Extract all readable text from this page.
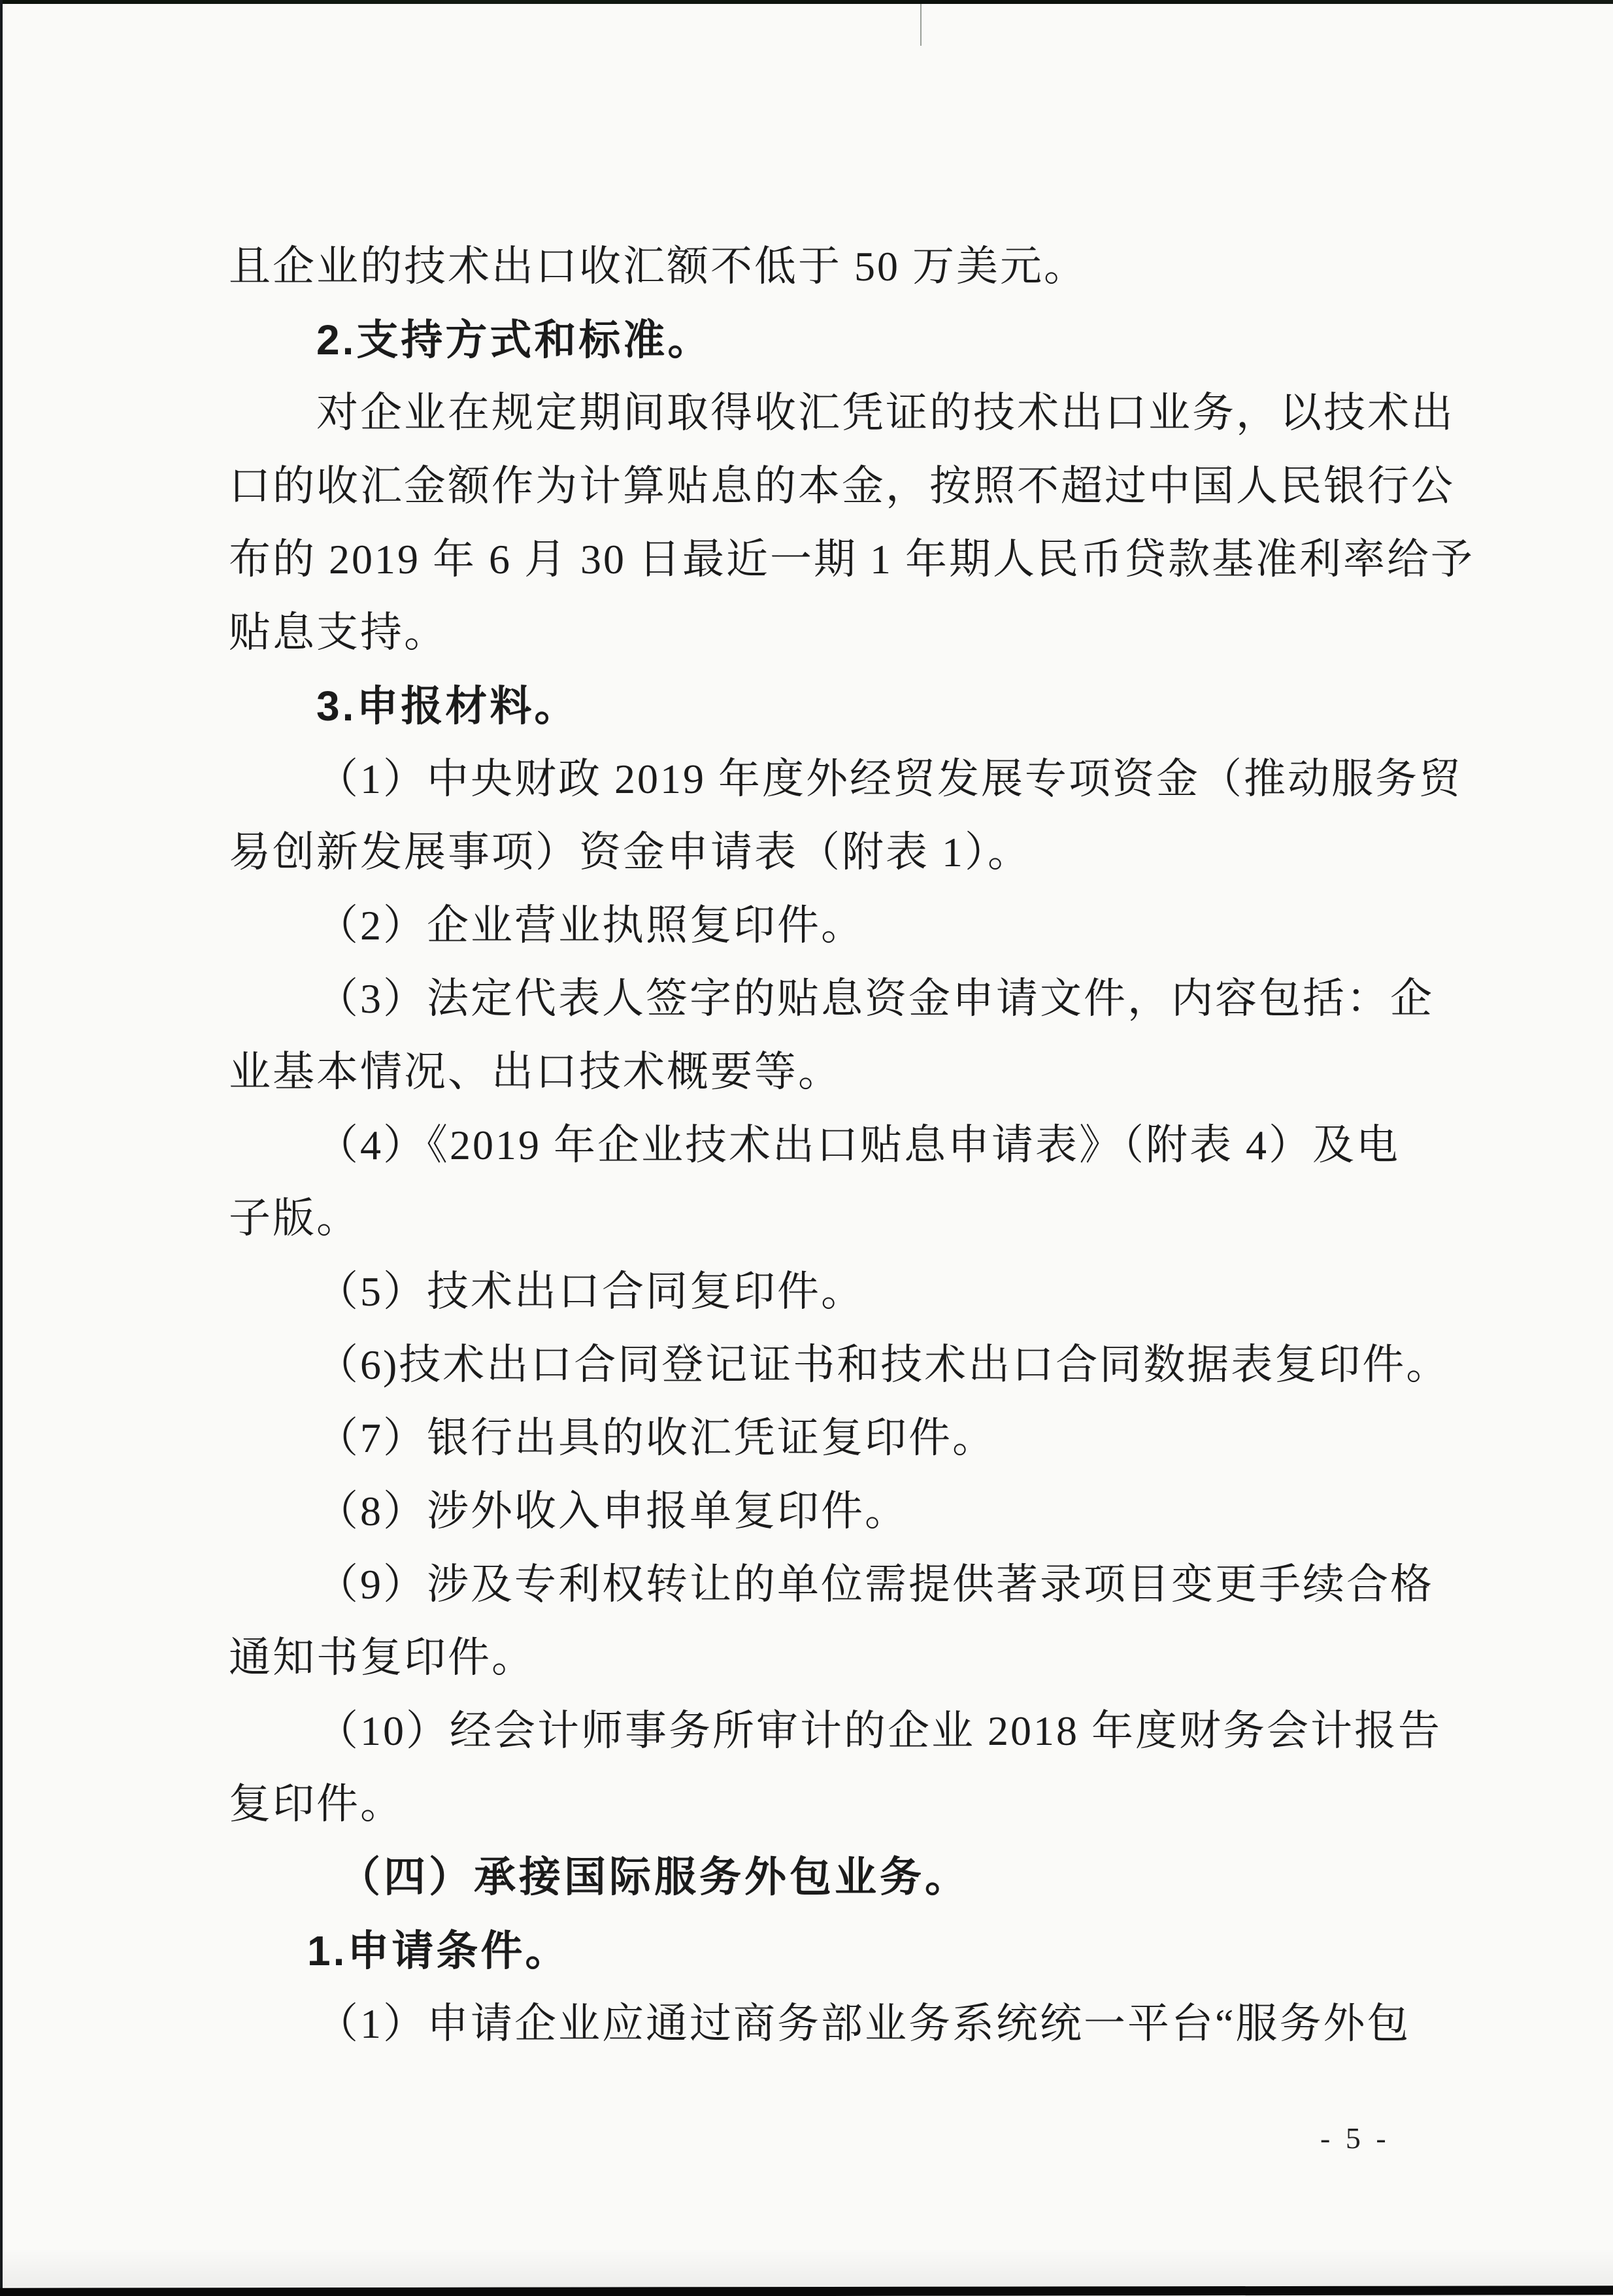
且企业的技术出口收汇额不低于 50 万美元。
2.支持方式和标准。
对企业在规定期间取得收汇凭证的技术出口业务，以技术出
口的收汇金额作为计算贴息的本金，按照不超过中国人民银行公
布的 2019 年 6 月 30 日最近一期 1 年期人民币贷款基准利率给予
贴息支持。
3.申报材料。
（1）中央财政 2019 年度外经贸发展专项资金（推动服务贸
易创新发展事项）资金申请表（附表 1）。
（2）企业营业执照复印件。
（3）法定代表人签字的贴息资金申请文件，内容包括：企
业基本情况、出口技术概要等。
（4）《2019 年企业技术出口贴息申请表》（附表 4）及电
子版。
（5）技术出口合同复印件。
（6)技术出口合同登记证书和技术出口合同数据表复印件。
（7）银行出具的收汇凭证复印件。
（8）涉外收入申报单复印件。
（9）涉及专利权转让的单位需提供著录项目变更手续合格
通知书复印件。
（10）经会计师事务所审计的企业 2018 年度财务会计报告
复印件。
（四）承接国际服务外包业务。
1.申请条件。
（1）申请企业应通过商务部业务系统统一平台“服务外包
- 5 -
